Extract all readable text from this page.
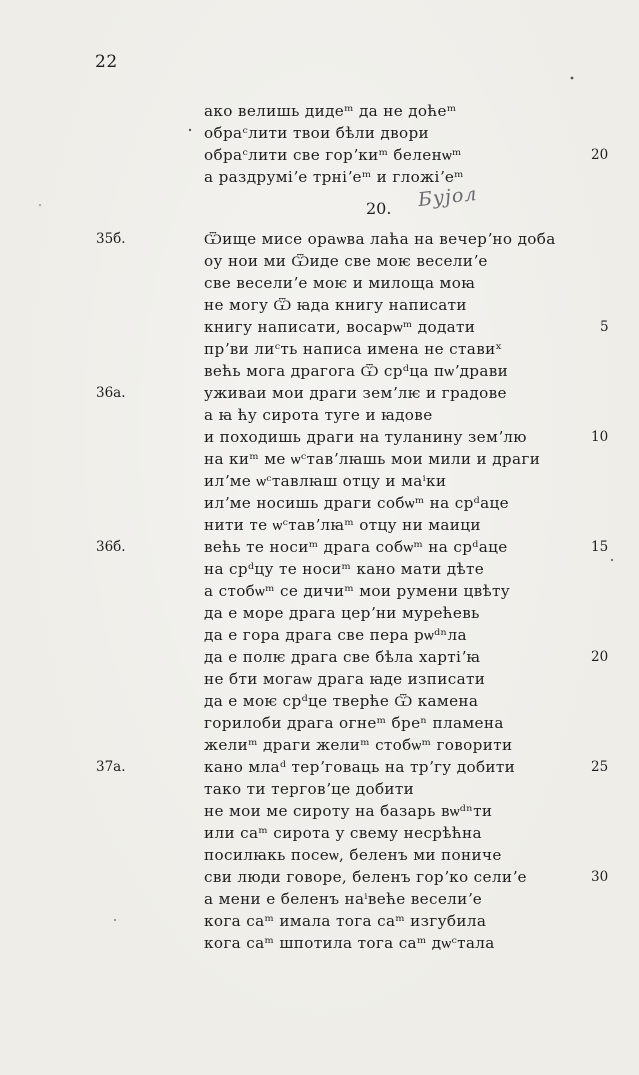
22
ако велишь дидеᵐ да не доћеᵐ
обраᶜлити твои бѣли двори
обраᶜлити све горʼкиᵐ беленѡᵐ	20
а раздруміʼе трніʼеᵐ и гложіʼеᵐ
20. Бујол
35б.	Ѿище мисе ораѡва лаћа на вечерʼно доба
оу нои ми Ѿиде све моѥ веселиʼе
све веселиʼе моѥ и милоща моꙗ
не могу Ѿ ꙗда книгу написати
книгу написати, восарѡᵐ додати	5
прʼви лиᶜть написа имена не ставиˣ
већь мога драгога Ѿ срᵈца пѡʼдрави
36а.	уживаи мои драги земʼлѥ и градове
а ꙗ ћу сирота туге и ꙗдове
и походишь драги на туланину земʼлю	10
на киᵐ ме ѡᶜтавʼлꙗшь мои мили и драги
илʼме ѡᶜтавлꙗш отцу и маⁱки
илʼме носишь драги собѡᵐ на срᵈаце
нити те ѡᶜтавʼлꙗᵐ отцу ни маици
36б.	већь те носиᵐ драга собѡᵐ на срᵈаце	15
на срᵈцу те носиᵐ кано мати дѣте
а стобѡᵐ се дичиᵐ мои румени цвѣту
да е море драга церʼни мурећевь
да е гора драга све пера рѡᵈⁿла
да е полѥ драга све бѣла хартіʼꙗ	20
не бти могаѡ драга ꙗде изписати
да е моѥ срᵈце тверће Ѿ камена
горилоби драга огнеᵐ бреⁿ пламена
желиᵐ драги желиᵐ стобѡᵐ говорити
37а.	кано млаᵈ терʼговаць на трʼгу добити	25
тако ти терговʼце добити
не мои ме сироту на базарь вѡᵈⁿти
или саᵐ сирота у свему несрѣћна
посилꙗкь посеѡ, беленъ ми поничe
сви люди говоре, беленъ горʼко селиʼе	30
а мени е беленъ наⁱвеће веселиʼе
кога саᵐ имала тога саᵐ изгубила
кога саᵐ шпотила тога саᵐ дѡᶜтала
